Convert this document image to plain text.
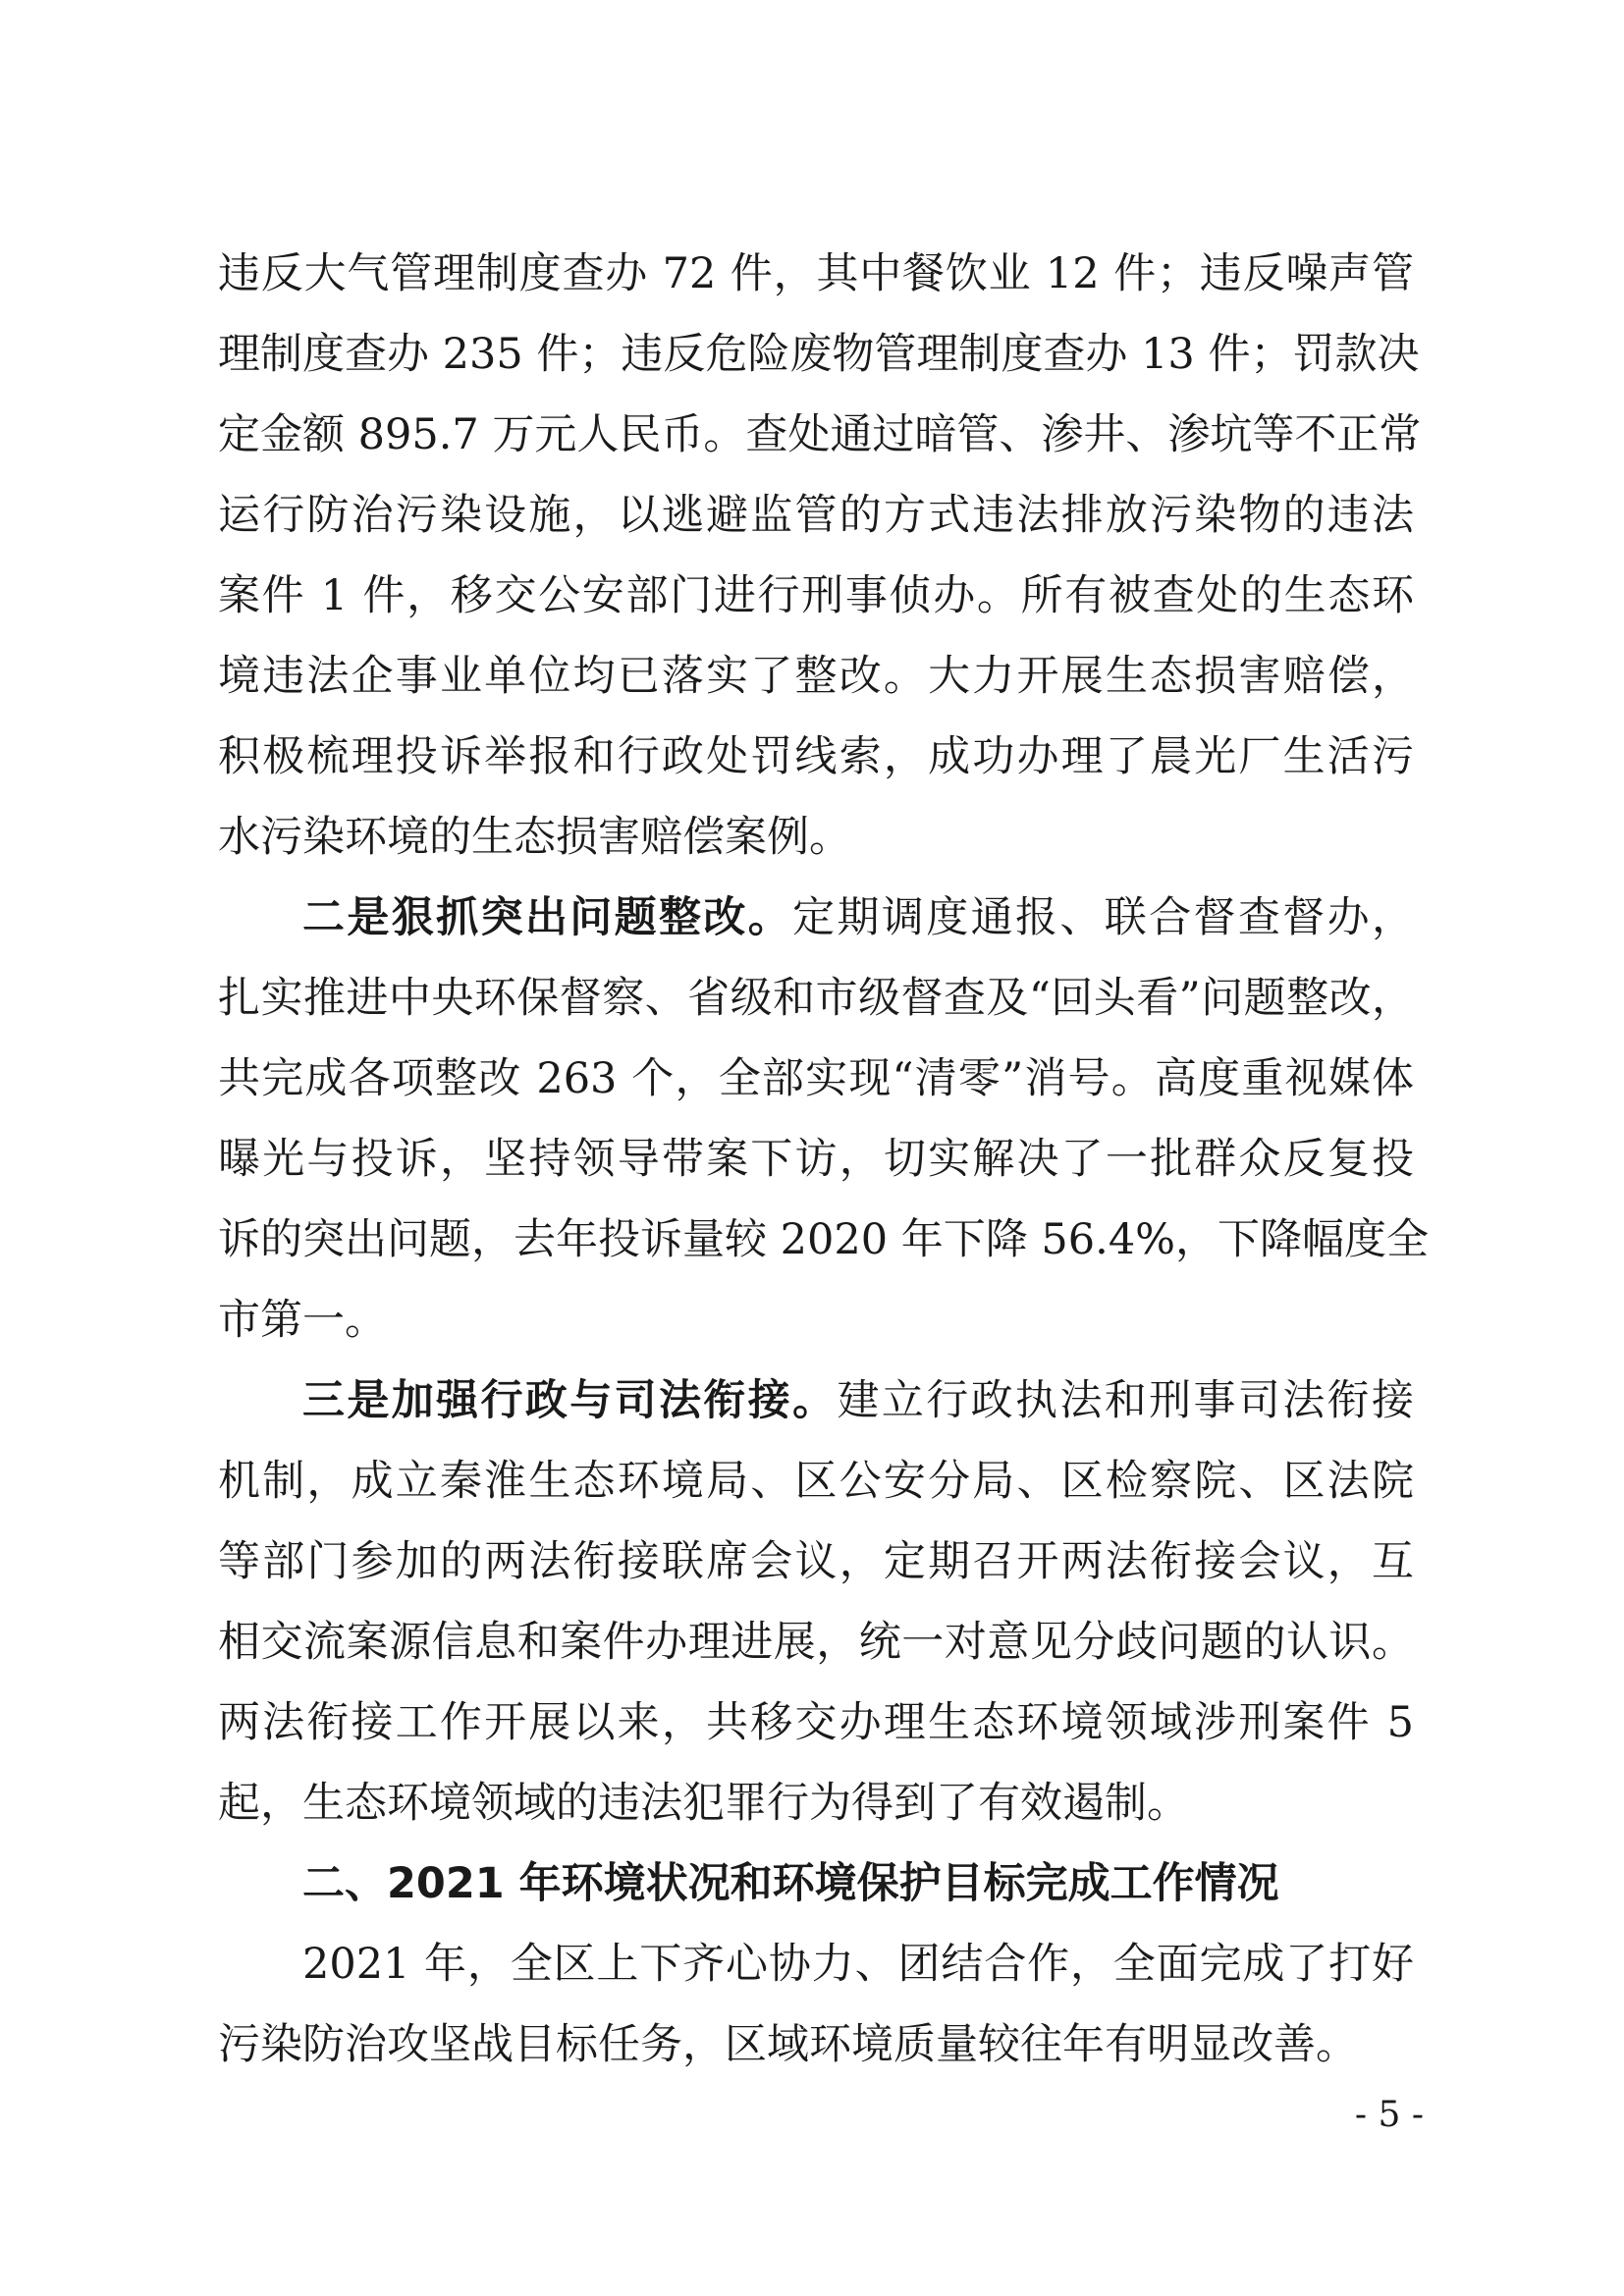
违反大气管理制度查办 72 件，其中餐饮业 12 件；违反噪声管
理制度查办 235 件；违反危险废物管理制度查办 13 件；罚款决
定金额 895.7 万元人民币。查处通过暗管、渗井、渗坑等不正常
运行防治污染设施，以逃避监管的方式违法排放污染物的违法
案件 1 件，移交公安部门进行刑事侦办。所有被查处的生态环
境违法企事业单位均已落实了整改。大力开展生态损害赔偿，
积极梳理投诉举报和行政处罚线索，成功办理了晨光厂生活污
水污染环境的生态损害赔偿案例。
二是狠抓突出问题整改。定期调度通报、联合督查督办，
扎实推进中央环保督察、省级和市级督查及“回头看”问题整改，
共完成各项整改 263 个，全部实现“清零”消号。高度重视媒体
曝光与投诉，坚持领导带案下访，切实解决了一批群众反复投
诉的突出问题，去年投诉量较 2020 年下降 56.4%，下降幅度全
市第一。
三是加强行政与司法衔接。建立行政执法和刑事司法衔接
机制，成立秦淮生态环境局、区公安分局、区检察院、区法院
等部门参加的两法衔接联席会议，定期召开两法衔接会议，互
相交流案源信息和案件办理进展，统一对意见分歧问题的认识。
两法衔接工作开展以来，共移交办理生态环境领域涉刑案件 5
起，生态环境领域的违法犯罪行为得到了有效遏制。
二、2021 年环境状况和环境保护目标完成工作情况
2021 年，全区上下齐心协力、团结合作，全面完成了打好
污染防治攻坚战目标任务，区域环境质量较往年有明显改善。
- 5 -
